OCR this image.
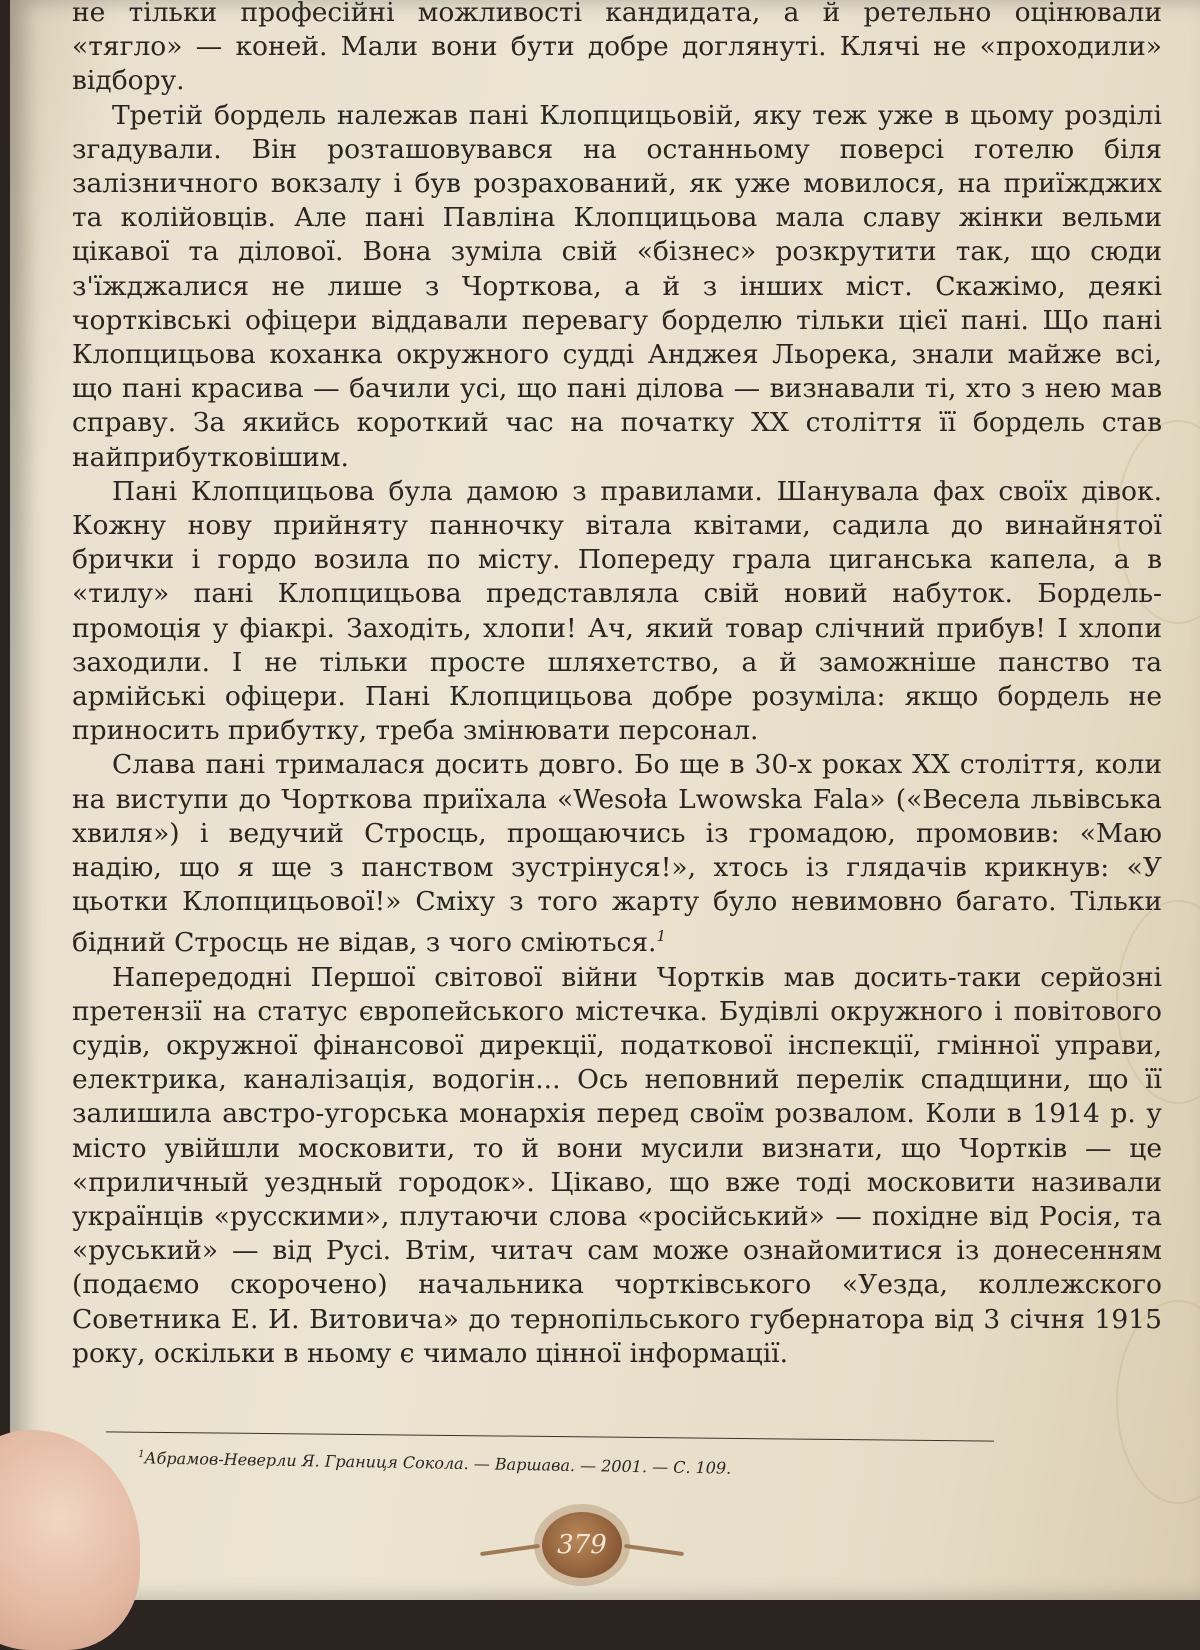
не тільки професійні можливості кандидата, а й ретельно оцінювали «тягло» — коней. Мали вони бути добре доглянуті. Клячі не «проходили» відбору.

Третій бордель належав пані Клопцицьовій, яку теж уже в цьому розділі згадували. Він розташовувався на останньому поверсі готелю біля залізничного вокзалу і був розрахований, як уже мовилося, на приїжджих та колійовців. Але пані Павліна Клопцицьова мала славу жінки вельми цікавої та ділової. Вона зуміла свій «бізнес» розкрутити так, що сюди з'їжджалися не лише з Чорткова, а й з інших міст. Скажімо, деякі чортківські офіцери віддавали перевагу борделю тільки цієї пані. Що пані Клопцицьова коханка окружного судді Анджея Льорека, знали майже всі, що пані красива — бачили усі, що пані ділова — визнавали ті, хто з нею мав справу. За якийсь короткий час на початку ХХ століття її бордель став найприбутковішим.

Пані Клопцицьова була дамою з правилами. Шанувала фах своїх дівок. Кожну нову прийняту панночку вітала квітами, садила до винайнятої брички і гордо возила по місту. Попереду грала циганська капела, а в «тилу» пані Клопцицьова представляла свій новий набуток. Бордель-промоція у фіакрі. Заходіть, хлопи! Ач, який товар слічний прибув! І хлопи заходили. І не тільки просте шляхетство, а й заможніше панство та армійські офіцери. Пані Клопцицьова добре розуміла: якщо бордель не приносить прибутку, треба змінювати персонал.

Слава пані трималася досить довго. Бо ще в 30-х роках ХХ століття, коли на виступи до Чорткова приїхала «Wesoła Lwowska Fala» («Весела львівська хвиля») і ведучий Стросць, прощаючись із громадою, промовив: «Маю надію, що я ще з панством зустрінуся!», хтось із глядачів крикнув: «У цьотки Клопцицьової!» Сміху з того жарту було невимовно багато. Тільки бідний Стросць не відав, з чого сміються.$^1$

Напередодні Першої світової війни Чортків мав досить-таки серйозні претензії на статус європейського містечка. Будівлі окружного і повітового судів, окружної фінансової дирекції, податкової інспекції, гмінної управи, електрика, каналізація, водогін... Ось неповний перелік спадщини, що її залишила австро-угорська монархія перед своїм розвалом. Коли в 1914 р. у місто увійшли московити, то й вони мусили визнати, що Чортків — це «приличный уездный городок». Цікаво, що вже тоді московити називали українців «русскими», плутаючи слова «російський» — похідне від Росія, та «руський» — від Русі. Втім, читач сам може ознайомитися із донесенням (подаємо скорочено) начальника чортківського «Уезда, коллежского Советника Е. И. Витовича» до тернопільського губернатора від 3 січня 1915 року, оскільки в ньому є чимало цінної інформації.

$^1$Абрамов-Неверли Я. Границя Сокола. — Варшава. — 2001. — С. 109.
379
